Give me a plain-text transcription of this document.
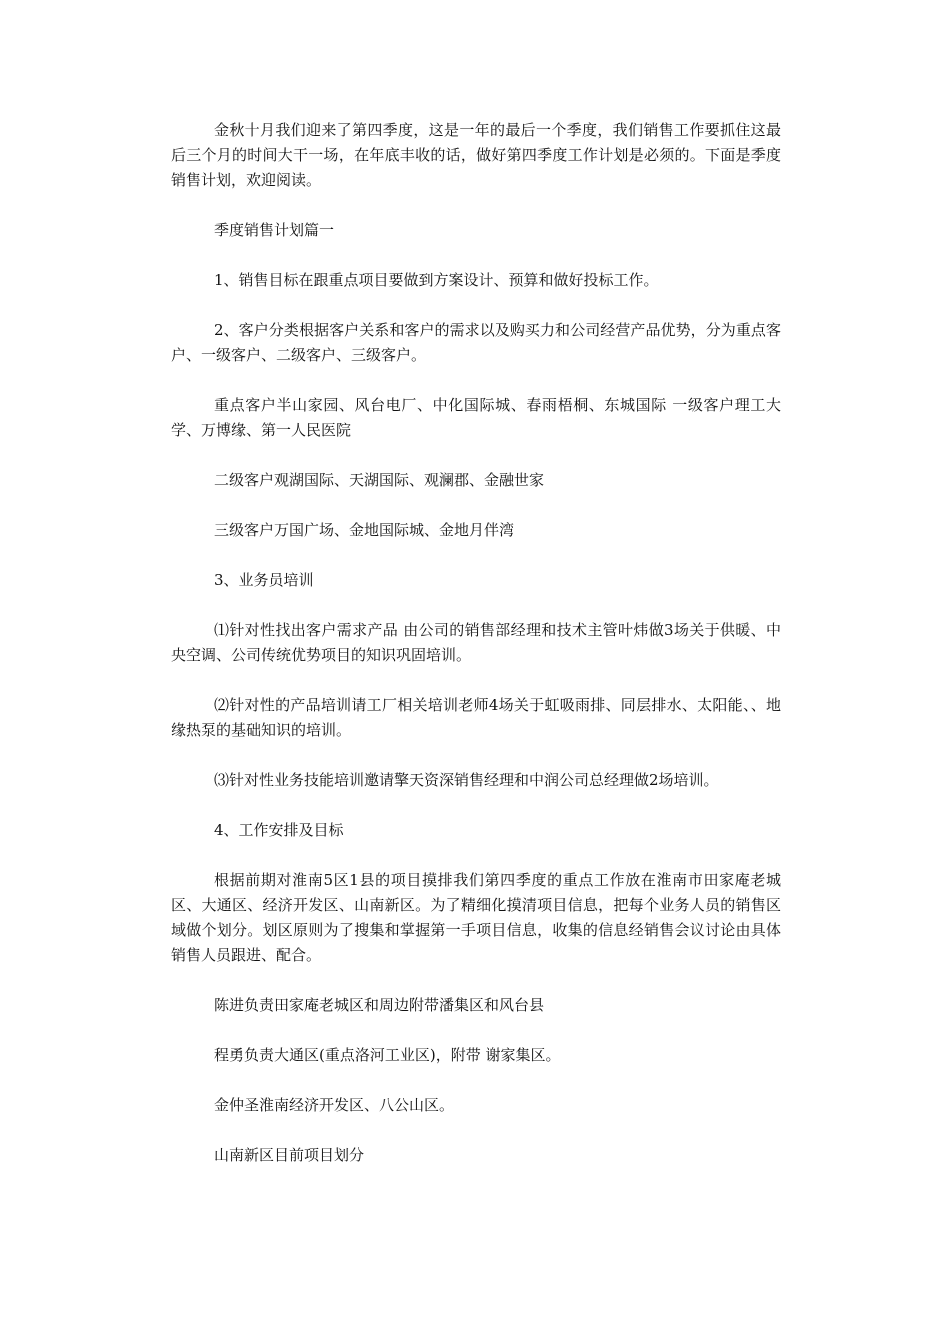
金秋十月我们迎来了第四季度，这是一年的最后一个季度，我们销售工作要抓住这最后三个月的时间大干一场，在年底丰收的话，做好第四季度工作计划是必须的。下面是季度销售计划，欢迎阅读。

季度销售计划篇一

1、销售目标在跟重点项目要做到方案设计、预算和做好投标工作。

2、客户分类根据客户关系和客户的需求以及购买力和公司经营产品优势，分为重点客户、一级客户、二级客户、三级客户。

重点客户半山家园、风台电厂、中化国际城、春雨梧桐、东城国际 一级客户理工大学、万博缘、第一人民医院

二级客户观湖国际、天湖国际、观澜郡、金融世家

三级客户万国广场、金地国际城、金地月伴湾

3、业务员培训

⑴针对性找出客户需求产品 由公司的销售部经理和技术主管叶炜做3场关于供暖、中央空调、公司传统优势项目的知识巩固培训。

⑵针对性的产品培训请工厂相关培训老师4场关于虹吸雨排、同层排水、太阳能、、地缘热泵的基础知识的培训。

⑶针对性业务技能培训邀请擎天资深销售经理和中润公司总经理做2场培训。

4、工作安排及目标

根据前期对淮南5区1县的项目摸排我们第四季度的重点工作放在淮南市田家庵老城区、大通区、经济开发区、山南新区。为了精细化摸清项目信息，把每个业务人员的销售区域做个划分。划区原则为了搜集和掌握第一手项目信息，收集的信息经销售会议讨论由具体销售人员跟进、配合。

陈进负责田家庵老城区和周边附带潘集区和风台县

程勇负责大通区(重点洛河工业区)，附带 谢家集区。

金仲圣淮南经济开发区、八公山区。

山南新区目前项目划分
